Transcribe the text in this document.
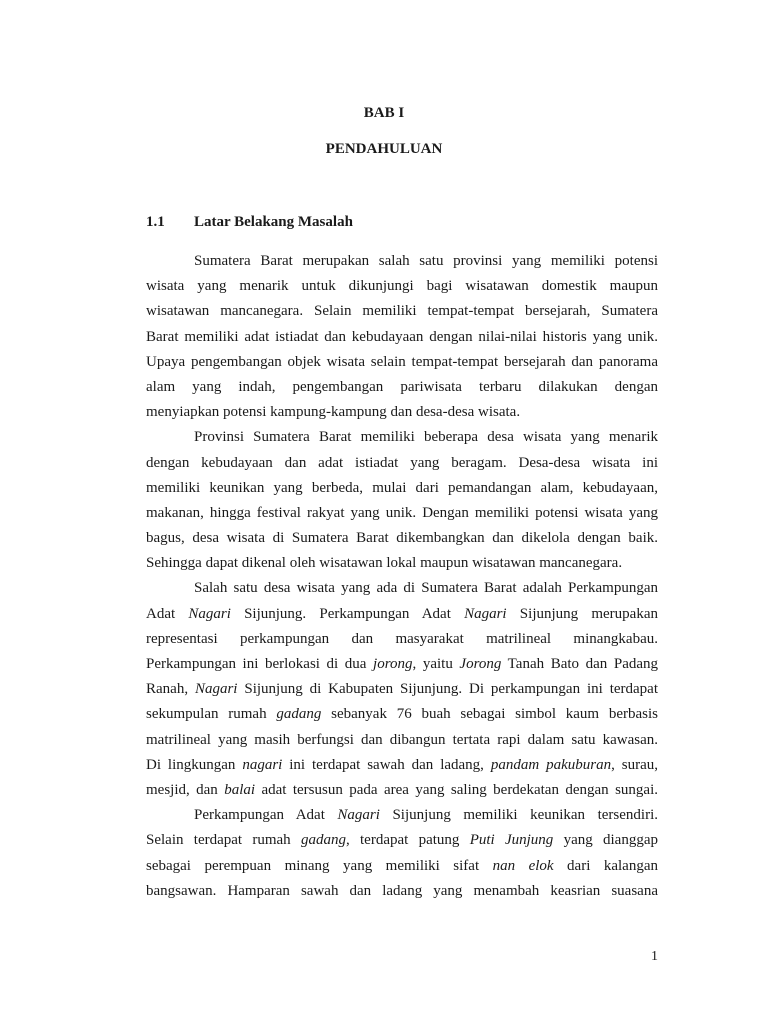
BAB I
PENDAHULUAN
1.1 Latar Belakang Masalah
Sumatera Barat merupakan salah satu provinsi yang memiliki potensi
wisata yang menarik untuk dikunjungi bagi wisatawan domestik maupun
wisatawan mancanegara. Selain memiliki tempat-tempat bersejarah, Sumatera
Barat memiliki adat istiadat dan kebudayaan dengan nilai-nilai historis yang unik.
Upaya pengembangan objek wisata selain tempat-tempat bersejarah dan panorama
alam yang indah, pengembangan pariwisata terbaru dilakukan dengan
menyiapkan potensi kampung-kampung dan desa-desa wisata.
Provinsi Sumatera Barat memiliki beberapa desa wisata yang menarik
dengan kebudayaan dan adat istiadat yang beragam. Desa-desa wisata ini
memiliki keunikan yang berbeda, mulai dari pemandangan alam, kebudayaan,
makanan, hingga festival rakyat yang unik. Dengan memiliki potensi wisata yang
bagus, desa wisata di Sumatera Barat dikembangkan dan dikelola dengan baik.
Sehingga dapat dikenal oleh wisatawan lokal maupun wisatawan mancanegara.
Salah satu desa wisata yang ada di Sumatera Barat adalah Perkampungan
Adat Nagari Sijunjung. Perkampungan Adat Nagari Sijunjung merupakan
representasi perkampungan dan masyarakat matrilineal minangkabau.
Perkampungan ini berlokasi di dua jorong, yaitu Jorong Tanah Bato dan Padang
Ranah, Nagari Sijunjung di Kabupaten Sijunjung. Di perkampungan ini terdapat
sekumpulan rumah gadang sebanyak 76 buah sebagai simbol kaum berbasis
matrilineal yang masih berfungsi dan dibangun tertata rapi dalam satu kawasan.
Di lingkungan nagari ini terdapat sawah dan ladang, pandam pakuburan, surau,
mesjid, dan balai adat tersusun pada area yang saling berdekatan dengan sungai.
Perkampungan Adat Nagari Sijunjung memiliki keunikan tersendiri.
Selain terdapat rumah gadang, terdapat patung Puti Junjung yang dianggap
sebagai perempuan minang yang memiliki sifat nan elok dari kalangan
bangsawan. Hamparan sawah dan ladang yang menambah keasrian suasana
1
